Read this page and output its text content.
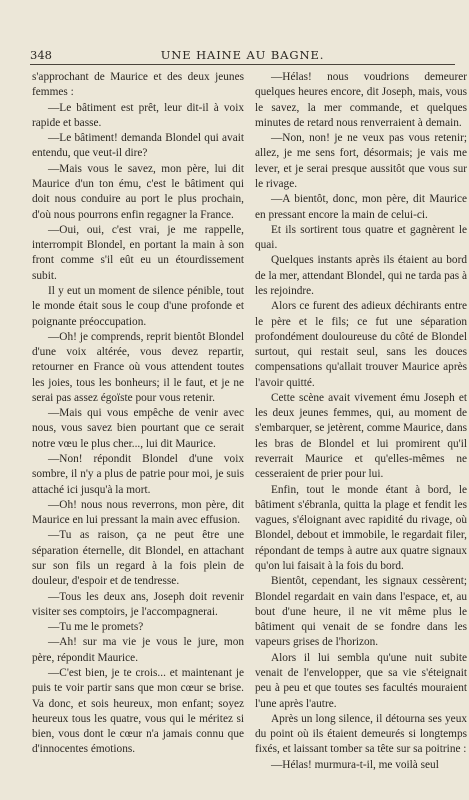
348	UNE HAINE AU BAGNE.

s'approchant de Maurice et des deux jeunes femmes :

—Le bâtiment est prêt, leur dit-il à voix rapide et basse.

—Le bâtiment! demanda Blondel qui avait entendu, que veut-il dire?

—Mais vous le savez, mon père, lui dit Maurice d'un ton ému, c'est le bâtiment qui doit nous conduire au port le plus prochain, d'où nous pourrons enfin regagner la France.

—Oui, oui, c'est vrai, je me rappelle, interrompit Blondel, en portant la main à son front comme s'il eût eu un étourdissement subit.

Il y eut un moment de silence pénible, tout le monde était sous le coup d'une profonde et poignante préoccupation.

—Oh! je comprends, reprit bientôt Blondel d'une voix altérée, vous devez repartir, retourner en France où vous attendent toutes les joies, tous les bonheurs; il le faut, et je ne serai pas assez égoïste pour vous retenir.

—Mais qui vous empêche de venir avec nous, vous savez bien pourtant que ce serait notre vœu le plus cher..., lui dit Maurice.

—Non! répondit Blondel d'une voix sombre, il n'y a plus de patrie pour moi, je suis attaché ici jusqu'à la mort.

—Oh! nous nous reverrons, mon père, dit Maurice en lui pressant la main avec effusion.

—Tu as raison, ça ne peut être une séparation éternelle, dit Blondel, en attachant sur son fils un regard à la fois plein de douleur, d'espoir et de tendresse.

—Tous les deux ans, Joseph doit revenir visiter ses comptoirs, je l'accompagnerai.

—Tu me le promets?

—Ah! sur ma vie je vous le jure, mon père, répondit Maurice.

—C'est bien, je te crois... et maintenant je puis te voir partir sans que mon cœur se brise. Va donc, et sois heureux, mon enfant; soyez heureux tous les quatre, vous qui le méritez si bien, vous dont le cœur n'a jamais connu que d'innocentes émotions.

—Hélas! nous voudrions demeurer quelques heures encore, dit Joseph, mais, vous le savez, la mer commande, et quelques minutes de retard nous renverraient à demain.

—Non, non! je ne veux pas vous retenir; allez, je me sens fort, désormais; je vais me lever, et je serai presque aussitôt que vous sur le rivage.

—A bientôt, donc, mon père, dit Maurice en pressant encore la main de celui-ci.

Et ils sortirent tous quatre et gagnèrent le quai.

Quelques instants après ils étaient au bord de la mer, attendant Blondel, qui ne tarda pas à les rejoindre.

Alors ce furent des adieux déchirants entre le père et le fils; ce fut une séparation profondément douloureuse du côté de Blondel surtout, qui restait seul, sans les douces compensations qu'allait trouver Maurice après l'avoir quitté.

Cette scène avait vivement ému Joseph et les deux jeunes femmes, qui, au moment de s'embarquer, se jetèrent, comme Maurice, dans les bras de Blondel et lui promirent qu'il reverrait Maurice et qu'elles-mêmes ne cesseraient de prier pour lui.

Enfin, tout le monde étant à bord, le bâtiment s'ébranla, quitta la plage et fendit les vagues, s'éloignant avec rapidité du rivage, où Blondel, debout et immobile, le regardait filer, répondant de temps à autre aux quatre signaux qu'on lui faisait à la fois du bord.

Bientôt, cependant, les signaux cessèrent; Blondel regardait en vain dans l'espace, et, au bout d'une heure, il ne vit même plus le bâtiment qui venait de se fondre dans les vapeurs grises de l'horizon.

Alors il lui sembla qu'une nuit subite venait de l'envelopper, que sa vie s'éteignait peu à peu et que toutes ses facultés mouraient l'une après l'autre.

Après un long silence, il détourna ses yeux du point où ils étaient demeurés si longtemps fixés, et laissant tomber sa tête sur sa poitrine :

—Hélas! murmura-t-il, me voilà seul
